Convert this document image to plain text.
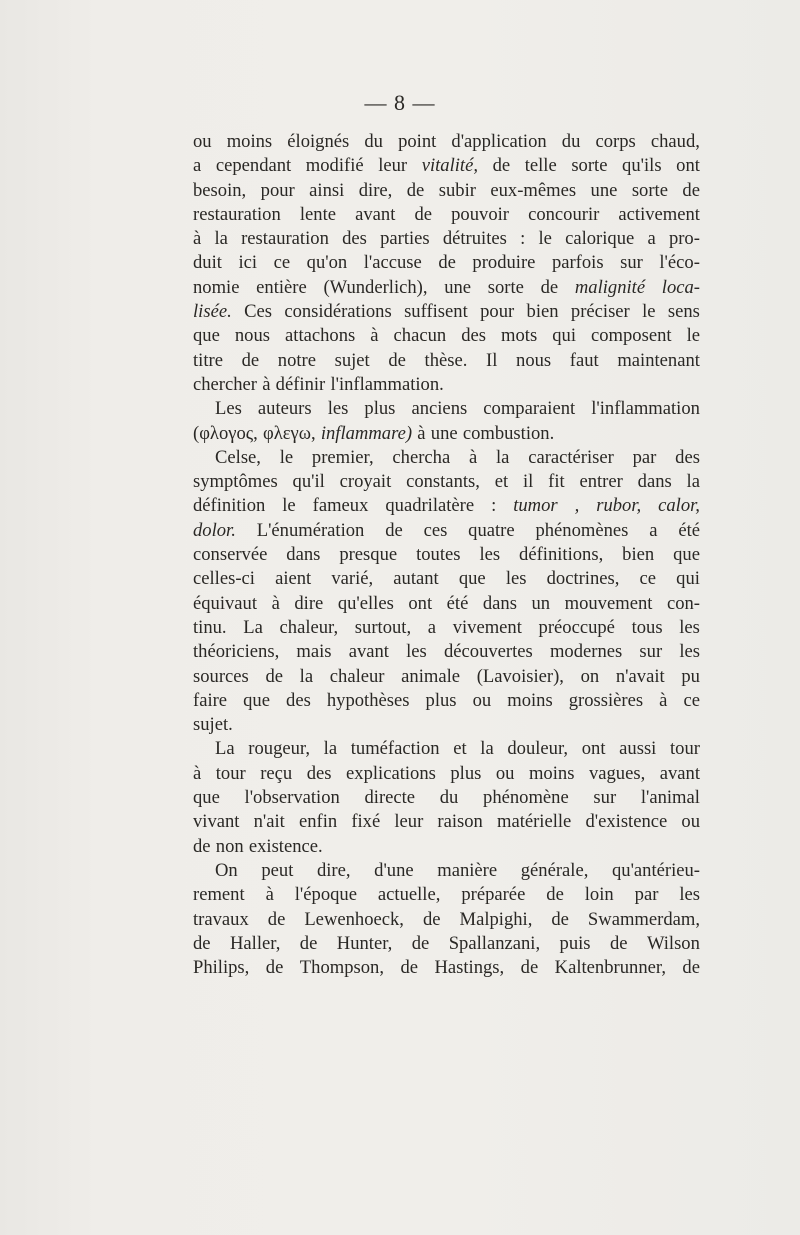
— 8 —
ou moins éloignés du point d'application du corps chaud,
a cependant modifié leur vitalité, de telle sorte qu'ils ont
besoin, pour ainsi dire, de subir eux-mêmes une sorte de
restauration lente avant de pouvoir concourir activement
à la restauration des parties détruites : le calorique a pro-
duit ici ce qu'on l'accuse de produire parfois sur l'éco-
nomie entière (Wunderlich), une sorte de malignité loca-
lisée. Ces considérations suffisent pour bien préciser le sens
que nous attachons à chacun des mots qui composent le
titre de notre sujet de thèse. Il nous faut maintenant
chercher à définir l'inflammation.
Les auteurs les plus anciens comparaient l'inflammation
(φλογος, φλεγω, inflammare) à une combustion.
Celse, le premier, chercha à la caractériser par des
symptômes qu'il croyait constants, et il fit entrer dans la
définition le fameux quadrilatère : tumor , rubor, calor,
dolor. L'énumération de ces quatre phénomènes a été
conservée dans presque toutes les définitions, bien que
celles-ci aient varié, autant que les doctrines, ce qui
équivaut à dire qu'elles ont été dans un mouvement con-
tinu. La chaleur, surtout, a vivement préoccupé tous les
théoriciens, mais avant les découvertes modernes sur les
sources de la chaleur animale (Lavoisier), on n'avait pu
faire que des hypothèses plus ou moins grossières à ce
sujet.
La rougeur, la tuméfaction et la douleur, ont aussi tour
à tour reçu des explications plus ou moins vagues, avant
que l'observation directe du phénomène sur l'animal
vivant n'ait enfin fixé leur raison matérielle d'existence ou
de non existence.
On peut dire, d'une manière générale, qu'antérieu-
rement à l'époque actuelle, préparée de loin par les
travaux de Lewenhoeck, de Malpighi, de Swammerdam,
de Haller, de Hunter, de Spallanzani, puis de Wilson
Philips, de Thompson, de Hastings, de Kaltenbrunner, de
